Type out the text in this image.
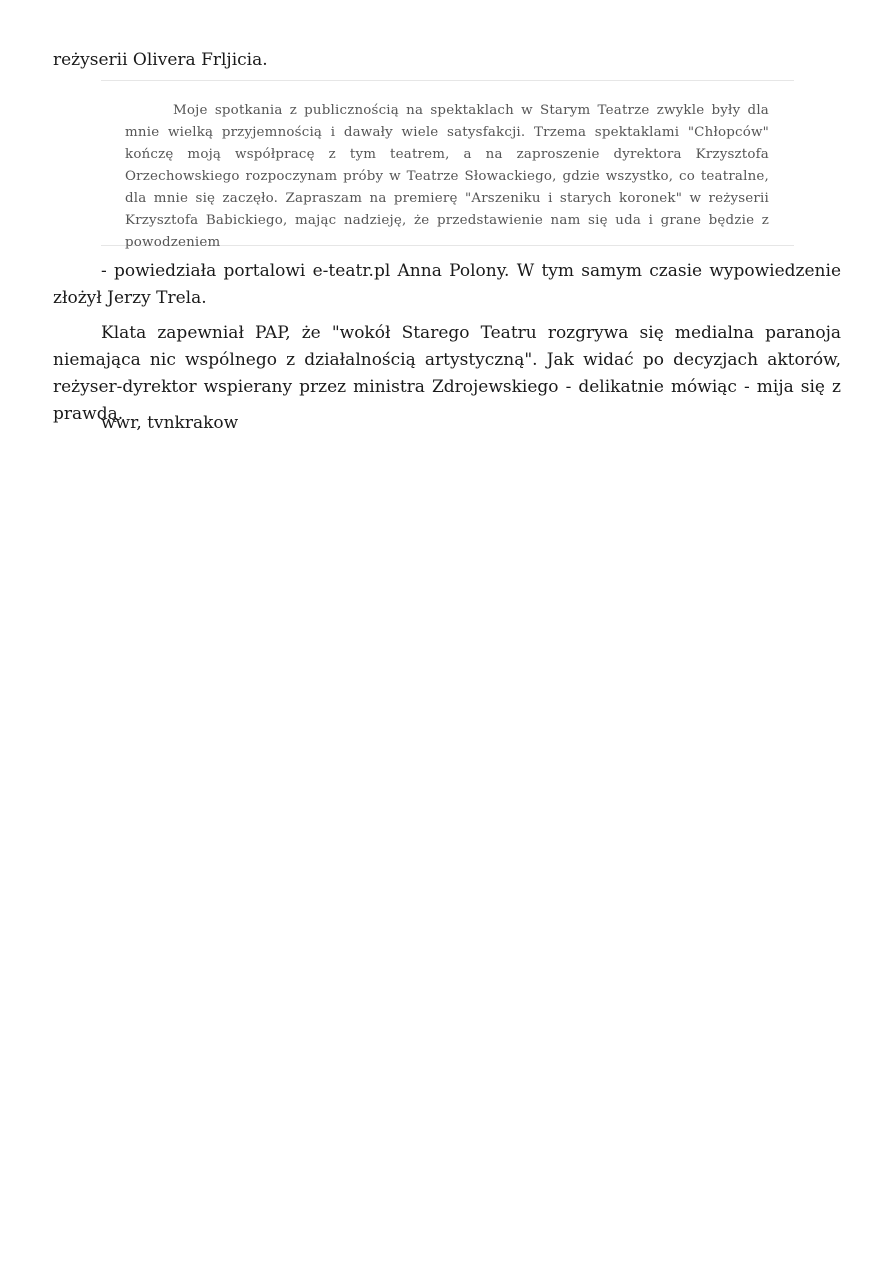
reżyserii Olivera Frljicia.

Moje spotkania z publicznością na spektaklach w Starym Teatrze zwykle były dla mnie wielką przyjemnością i dawały wiele satysfakcji. Trzema spektaklami "Chłopców" kończę moją współpracę z tym teatrem, a na zaproszenie dyrektora Krzysztofa Orzechowskiego rozpoczynam próby w Teatrze Słowackiego, gdzie wszystko, co teatralne, dla mnie się zaczęło. Zapraszam na premierę "Arszeniku i starych koronek" w reżyserii Krzysztofa Babickiego, mając nadzieję, że przedstawienie nam się uda i grane będzie z powodzeniem

- powiedziała portalowi e-teatr.pl Anna Polony. W tym samym czasie wypowiedzenie złożył Jerzy Trela.

Klata zapewniał PAP, że "wokół Starego Teatru rozgrywa się medialna paranoja niemająca nic wspólnego z działalnością artystyczną". Jak widać po decyzjach aktorów, reżyser-dyrektor wspierany przez ministra Zdrojewskiego - delikatnie mówiąc - mija się z prawdą.

wwr, tvnkrakow
